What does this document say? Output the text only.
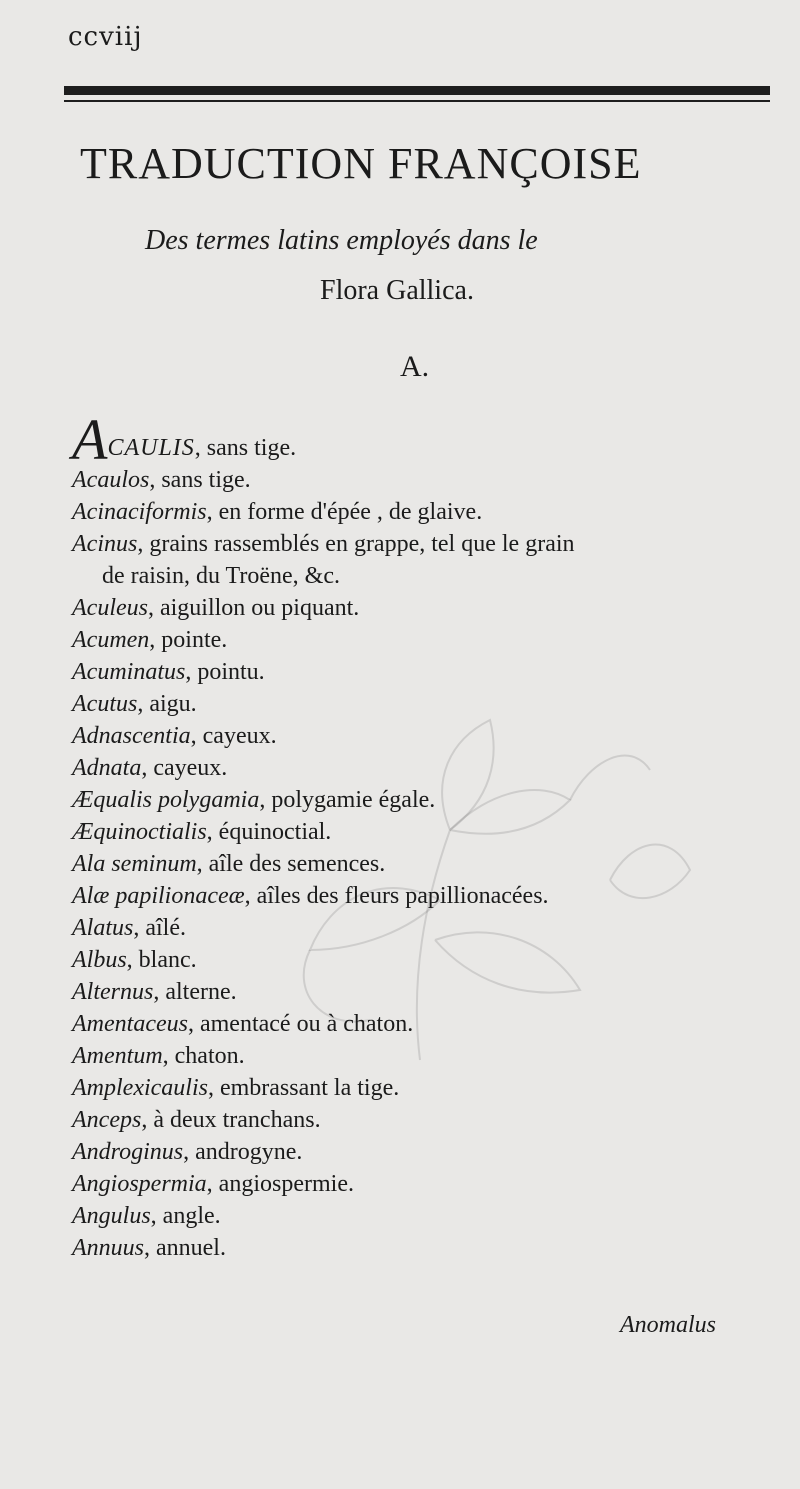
ccviij
TRADUCTION FRANÇOISE
Des termes latins employés dans le
Flora Gallica.
A.
ACAULIS, sans tige.
Acaulos, sans tige.
Acinaciformis, en forme d'épée , de glaive.
Acinus, grains rassemblés en grappe, tel que le grain
de raisin, du Troëne, &c.
Aculeus, aiguillon ou piquant.
Acumen, pointe.
Acuminatus, pointu.
Acutus, aigu.
Adnascentia, cayeux.
Adnata, cayeux.
Æqualis polygamia, polygamie égale.
Æquinoctialis, équinoctial.
Ala seminum, aîle des semences.
Alæ papilionaceæ, aîles des fleurs papillionacées.
Alatus, aîlé.
Albus, blanc.
Alternus, alterne.
Amentaceus, amentacé ou à chaton.
Amentum, chaton.
Amplexicaulis, embrassant la tige.
Anceps, à deux tranchans.
Androginus, androgyne.
Angiospermia, angiospermie.
Angulus, angle.
Annuus, annuel.
Anomalus
